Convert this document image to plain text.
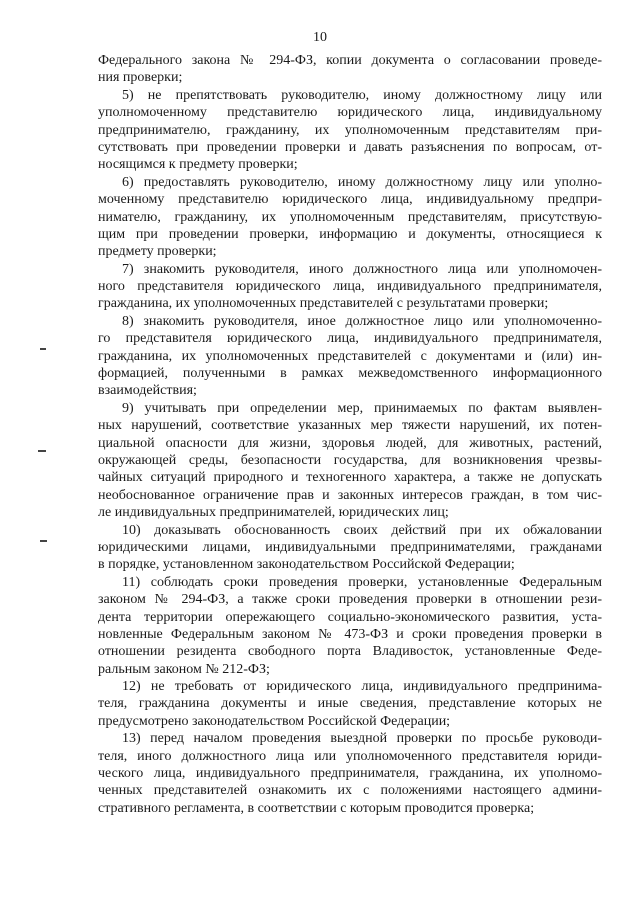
10
Федерального закона № 294-ФЗ, копии документа о согласовании проведе-
ния проверки;
5) не препятствовать руководителю, иному должностному лицу или
уполномоченному представителю юридического лица, индивидуальному
предпринимателю, гражданину, их уполномоченным представителям при-
сутствовать при проведении проверки и давать разъяснения по вопросам, от-
носящимся к предмету проверки;
6) предоставлять руководителю, иному должностному лицу или уполно-
моченному представителю юридического лица, индивидуальному предпри-
нимателю, гражданину, их уполномоченным представителям, присутствую-
щим при проведении проверки, информацию и документы, относящиеся к
предмету проверки;
7) знакомить руководителя, иного должностного лица или уполномочен-
ного представителя юридического лица, индивидуального предпринимателя,
гражданина, их уполномоченных представителей с результатами проверки;
8) знакомить руководителя, иное должностное лицо или уполномоченно-
го представителя юридического лица, индивидуального предпринимателя,
гражданина, их уполномоченных представителей с документами и (или) ин-
формацией, полученными в рамках межведомственного информационного
взаимодействия;
9) учитывать при определении мер, принимаемых по фактам выявлен-
ных нарушений, соответствие указанных мер тяжести нарушений, их потен-
циальной опасности для жизни, здоровья людей, для животных, растений,
окружающей среды, безопасности государства, для возникновения чрезвы-
чайных ситуаций природного и техногенного характера, а также не допускать
необоснованное ограничение прав и законных интересов граждан, в том чис-
ле индивидуальных предпринимателей, юридических лиц;
10) доказывать обоснованность своих действий при их обжаловании
юридическими лицами, индивидуальными предпринимателями, гражданами
в порядке, установленном законодательством Российской Федерации;
11) соблюдать сроки проведения проверки, установленные Федеральным
законом № 294-ФЗ, а также сроки проведения проверки в отношении рези-
дента территории опережающего социально-экономического развития, уста-
новленные Федеральным законом № 473-ФЗ и сроки проведения проверки в
отношении резидента свободного порта Владивосток, установленные Феде-
ральным законом № 212-ФЗ;
12) не требовать от юридического лица, индивидуального предпринима-
теля, гражданина документы и иные сведения, представление которых не
предусмотрено законодательством Российской Федерации;
13) перед началом проведения выездной проверки по просьбе руководи-
теля, иного должностного лица или уполномоченного представителя юриди-
ческого лица, индивидуального предпринимателя, гражданина, их уполномо-
ченных представителей ознакомить их с положениями настоящего админи-
стративного регламента, в соответствии с которым проводится проверка;
